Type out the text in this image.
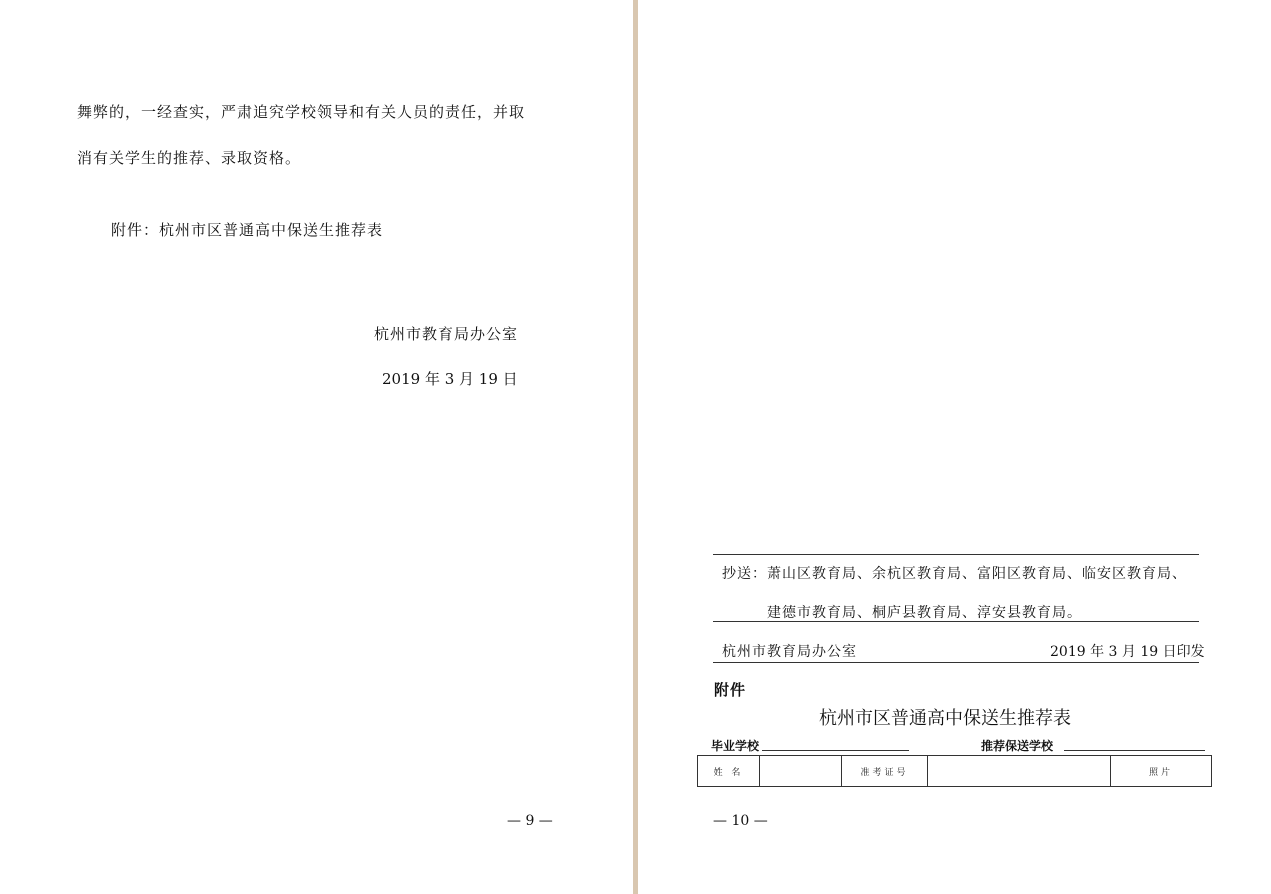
舞弊的，一经查实，严肃追究学校领导和有关人员的责任，并取
消有关学生的推荐、录取资格。
附件：杭州市区普通高中保送生推荐表
杭州市教育局办公室
2019 年 3 月 19 日
— 9 —
抄送：萧山区教育局、余杭区教育局、富阳区教育局、临安区教育局、
建德市教育局、桐庐县教育局、淳安县教育局。
杭州市教育局办公室	2019 年 3 月 19 日印发
附件
杭州市区普通高中保送生推荐表
毕业学校	推荐保送学校
姓 名		准考证号		照片
— 10 —
